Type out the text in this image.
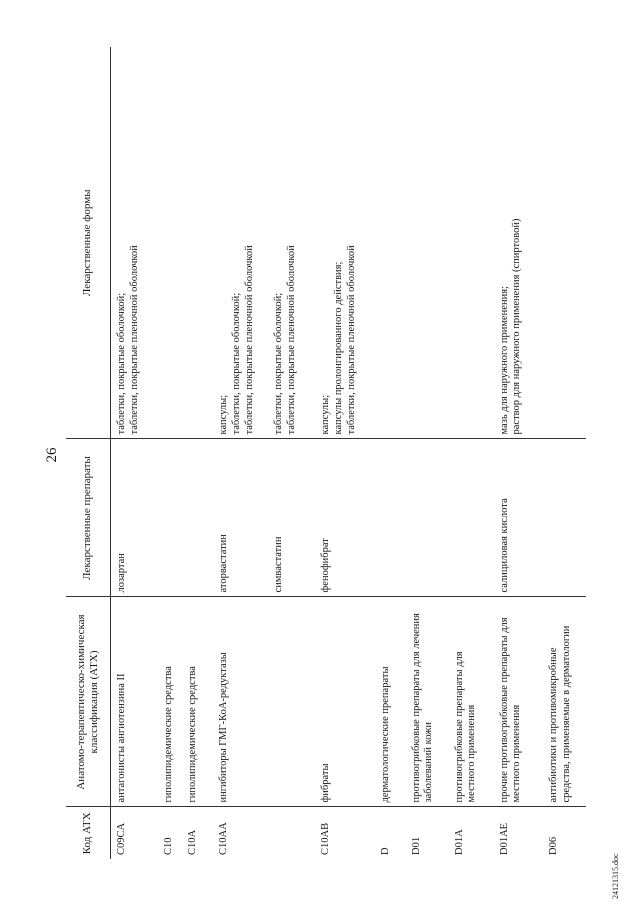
26
Код АТХ	Анатомо-терапевтическо-химическая классификация (АТХ)	Лекарственные препараты	Лекарственные формы
C09CA	антагонисты ангиотензина II	лозартан	таблетки, покрытые оболочкой; таблетки, покрытые пленочной оболочкой

C10	гиполипидемические средства		

C10A	гиполипидемические средства		

C10AA	ингибиторы ГМГ-КоА-редуктазы	аторвастатин	капсулы; таблетки, покрытые оболочкой; таблетки, покрытые пленочной оболочкой

		симвастатин	таблетки, покрытые оболочкой; таблетки, покрытые пленочной оболочкой

C10AB	фибраты	фенофибрат	капсулы; капсулы пролонгированного действия; таблетки, покрытые пленочной оболочкой

D	дерматологические препараты		

D01	противогрибковые препараты для лечения заболеваний кожи		

D01A	противогрибковые препараты для местного применения		

D01AE	прочие противогрибковые препараты для местного применения	салициловая кислота	мазь для наружного применения; раствор для наружного применения (спиртовой)

D06	антибиотики и противомикробные средства, применяемые в дерматологии		

24121315.doc
